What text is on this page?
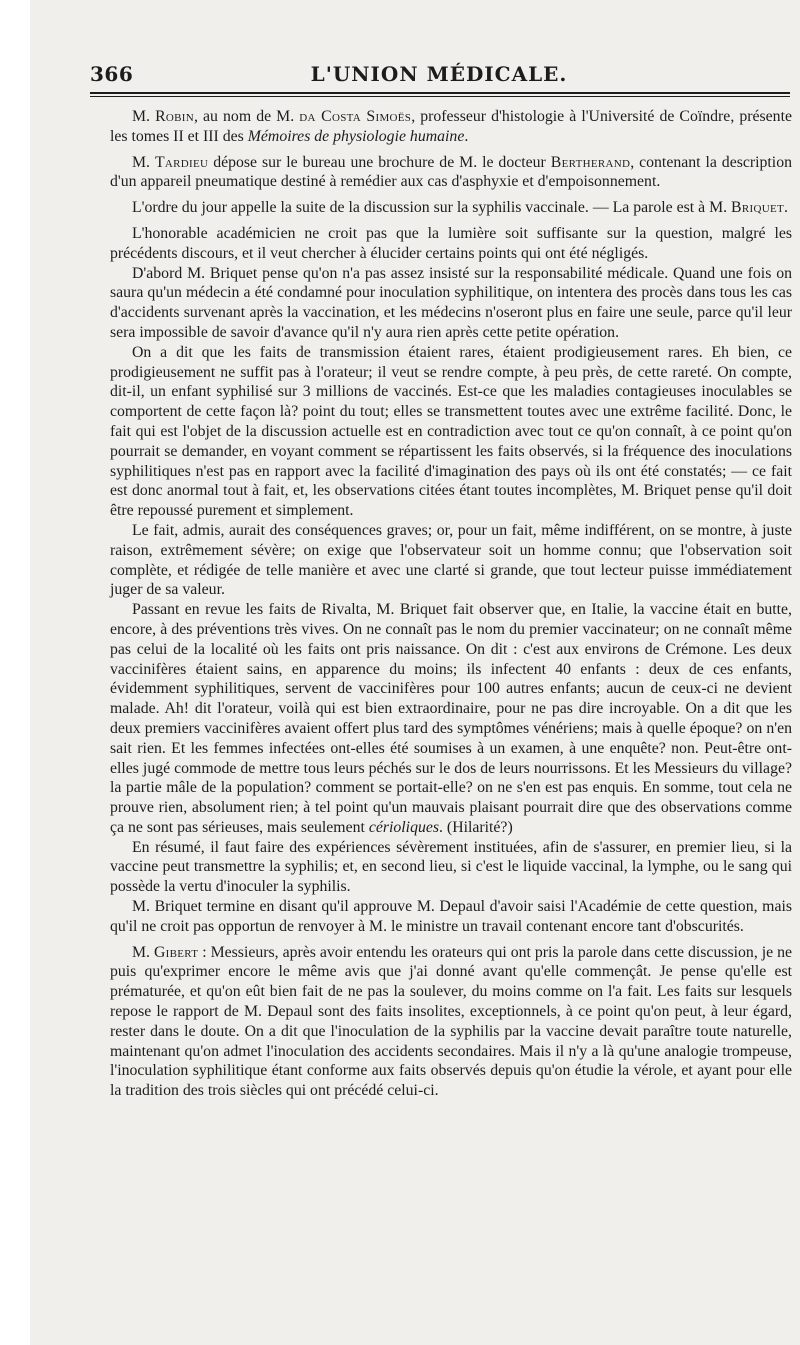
366	L'UNION MÉDICALE.

M. Robin, au nom de M. da Costa Simoës, professeur d'histologie à l'Université de Coïndre, présente les tomes II et III des Mémoires de physiologie humaine.

M. Tardieu dépose sur le bureau une brochure de M. le docteur Bertherand, contenant la description d'un appareil pneumatique destiné à remédier aux cas d'asphyxie et d'empoisonnement.

L'ordre du jour appelle la suite de la discussion sur la syphilis vaccinale. — La parole est à M. Briquet.

L'honorable académicien ne croit pas que la lumière soit suffisante sur la question, malgré les précédents discours, et il veut chercher à élucider certains points qui ont été négligés.

D'abord M. Briquet pense qu'on n'a pas assez insisté sur la responsabilité médicale. Quand une fois on saura qu'un médecin a été condamné pour inoculation syphilitique, on intentera des procès dans tous les cas d'accidents survenant après la vaccination, et les médecins n'oseront plus en faire une seule, parce qu'il leur sera impossible de savoir d'avance qu'il n'y aura rien après cette petite opération.

On a dit que les faits de transmission étaient rares, étaient prodigieusement rares. Eh bien, ce prodigieusement ne suffit pas à l'orateur; il veut se rendre compte, à peu près, de cette rareté. On compte, dit-il, un enfant syphilisé sur 3 millions de vaccinés. Est-ce que les maladies contagieuses inoculables se comportent de cette façon là? point du tout; elles se transmettent toutes avec une extrême facilité. Donc, le fait qui est l'objet de la discussion actuelle est en contradiction avec tout ce qu'on connaît, à ce point qu'on pourrait se demander, en voyant comment se répartissent les faits observés, si la fréquence des inoculations syphilitiques n'est pas en rapport avec la facilité d'imagination des pays où ils ont été constatés; — ce fait est donc anormal tout à fait, et, les observations citées étant toutes incomplètes, M. Briquet pense qu'il doit être repoussé purement et simplement.

Le fait, admis, aurait des conséquences graves; or, pour un fait, même indifférent, on se montre, à juste raison, extrêmement sévère; on exige que l'observateur soit un homme connu; que l'observation soit complète, et rédigée de telle manière et avec une clarté si grande, que tout lecteur puisse immédiatement juger de sa valeur.

Passant en revue les faits de Rivalta, M. Briquet fait observer que, en Italie, la vaccine était en butte, encore, à des préventions très vives. On ne connaît pas le nom du premier vaccinateur; on ne connaît même pas celui de la localité où les faits ont pris naissance. On dit : c'est aux environs de Crémone. Les deux vaccinifères étaient sains, en apparence du moins; ils infectent 40 enfants : deux de ces enfants, évidemment syphilitiques, servent de vaccinifères pour 100 autres enfants; aucun de ceux-ci ne devient malade. Ah! dit l'orateur, voilà qui est bien extraordinaire, pour ne pas dire incroyable. On a dit que les deux premiers vaccinifères avaient offert plus tard des symptômes vénériens; mais à quelle époque? on n'en sait rien. Et les femmes infectées ont-elles été soumises à un examen, à une enquête? non. Peut-être ont-elles jugé commode de mettre tous leurs péchés sur le dos de leurs nourrissons. Et les Messieurs du village? la partie mâle de la population? comment se portait-elle? on ne s'en est pas enquis. En somme, tout cela ne prouve rien, absolument rien; à tel point qu'un mauvais plaisant pourrait dire que des observations comme ça ne sont pas sérieuses, mais seulement cérioliques. (Hilarité?)

En résumé, il faut faire des expériences sévèrement instituées, afin de s'assurer, en premier lieu, si la vaccine peut transmettre la syphilis; et, en second lieu, si c'est le liquide vaccinal, la lymphe, ou le sang qui possède la vertu d'inoculer la syphilis.

M. Briquet termine en disant qu'il approuve M. Depaul d'avoir saisi l'Académie de cette question, mais qu'il ne croit pas opportun de renvoyer à M. le ministre un travail contenant encore tant d'obscurités.

M. Gibert : Messieurs, après avoir entendu les orateurs qui ont pris la parole dans cette discussion, je ne puis qu'exprimer encore le même avis que j'ai donné avant qu'elle commençât. Je pense qu'elle est prématurée, et qu'on eût bien fait de ne pas la soulever, du moins comme on l'a fait. Les faits sur lesquels repose le rapport de M. Depaul sont des faits insolites, exceptionnels, à ce point qu'on peut, à leur égard, rester dans le doute. On a dit que l'inoculation de la syphilis par la vaccine devait paraître toute naturelle, maintenant qu'on admet l'inoculation des accidents secondaires. Mais il n'y a là qu'une analogie trompeuse, l'inoculation syphilitique étant conforme aux faits observés depuis qu'on étudie la vérole, et ayant pour elle la tradition des trois siècles qui ont précédé celui-ci.
